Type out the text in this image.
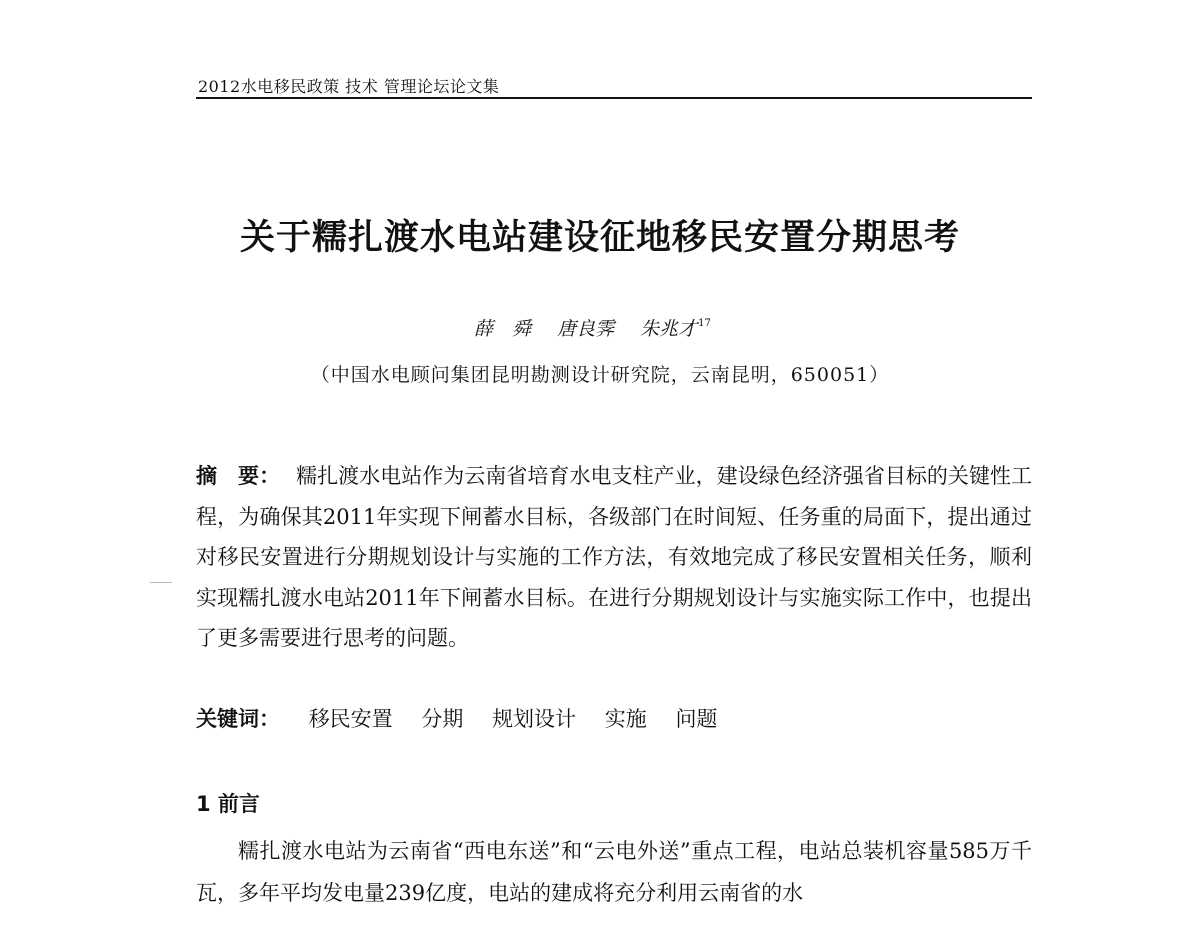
2012水电移民政策 技术 管理论坛论文集
关于糯扎渡水电站建设征地移民安置分期思考
薛　舜 唐良霁 朱兆才$^{17}$
（中国水电顾问集团昆明勘测设计研究院，云南昆明，650051）
摘　要： 糯扎渡水电站作为云南省培育水电支柱产业，建设绿色经济强省目标的关键性工程，为确保其2011年实现下闸蓄水目标，各级部门在时间短、任务重的局面下，提出通过对移民安置进行分期规划设计与实施的工作方法，有效地完成了移民安置相关任务，顺利实现糯扎渡水电站2011年下闸蓄水目标。在进行分期规划设计与实施实际工作中，也提出了更多需要进行思考的问题。
关键词： 移民安置 分期 规划设计 实施 问题
1 前言
糯扎渡水电站为云南省“西电东送”和“云电外送”重点工程，电站总装机容量585万千瓦，多年平均发电量239亿度，电站的建成将充分利用云南省的水
